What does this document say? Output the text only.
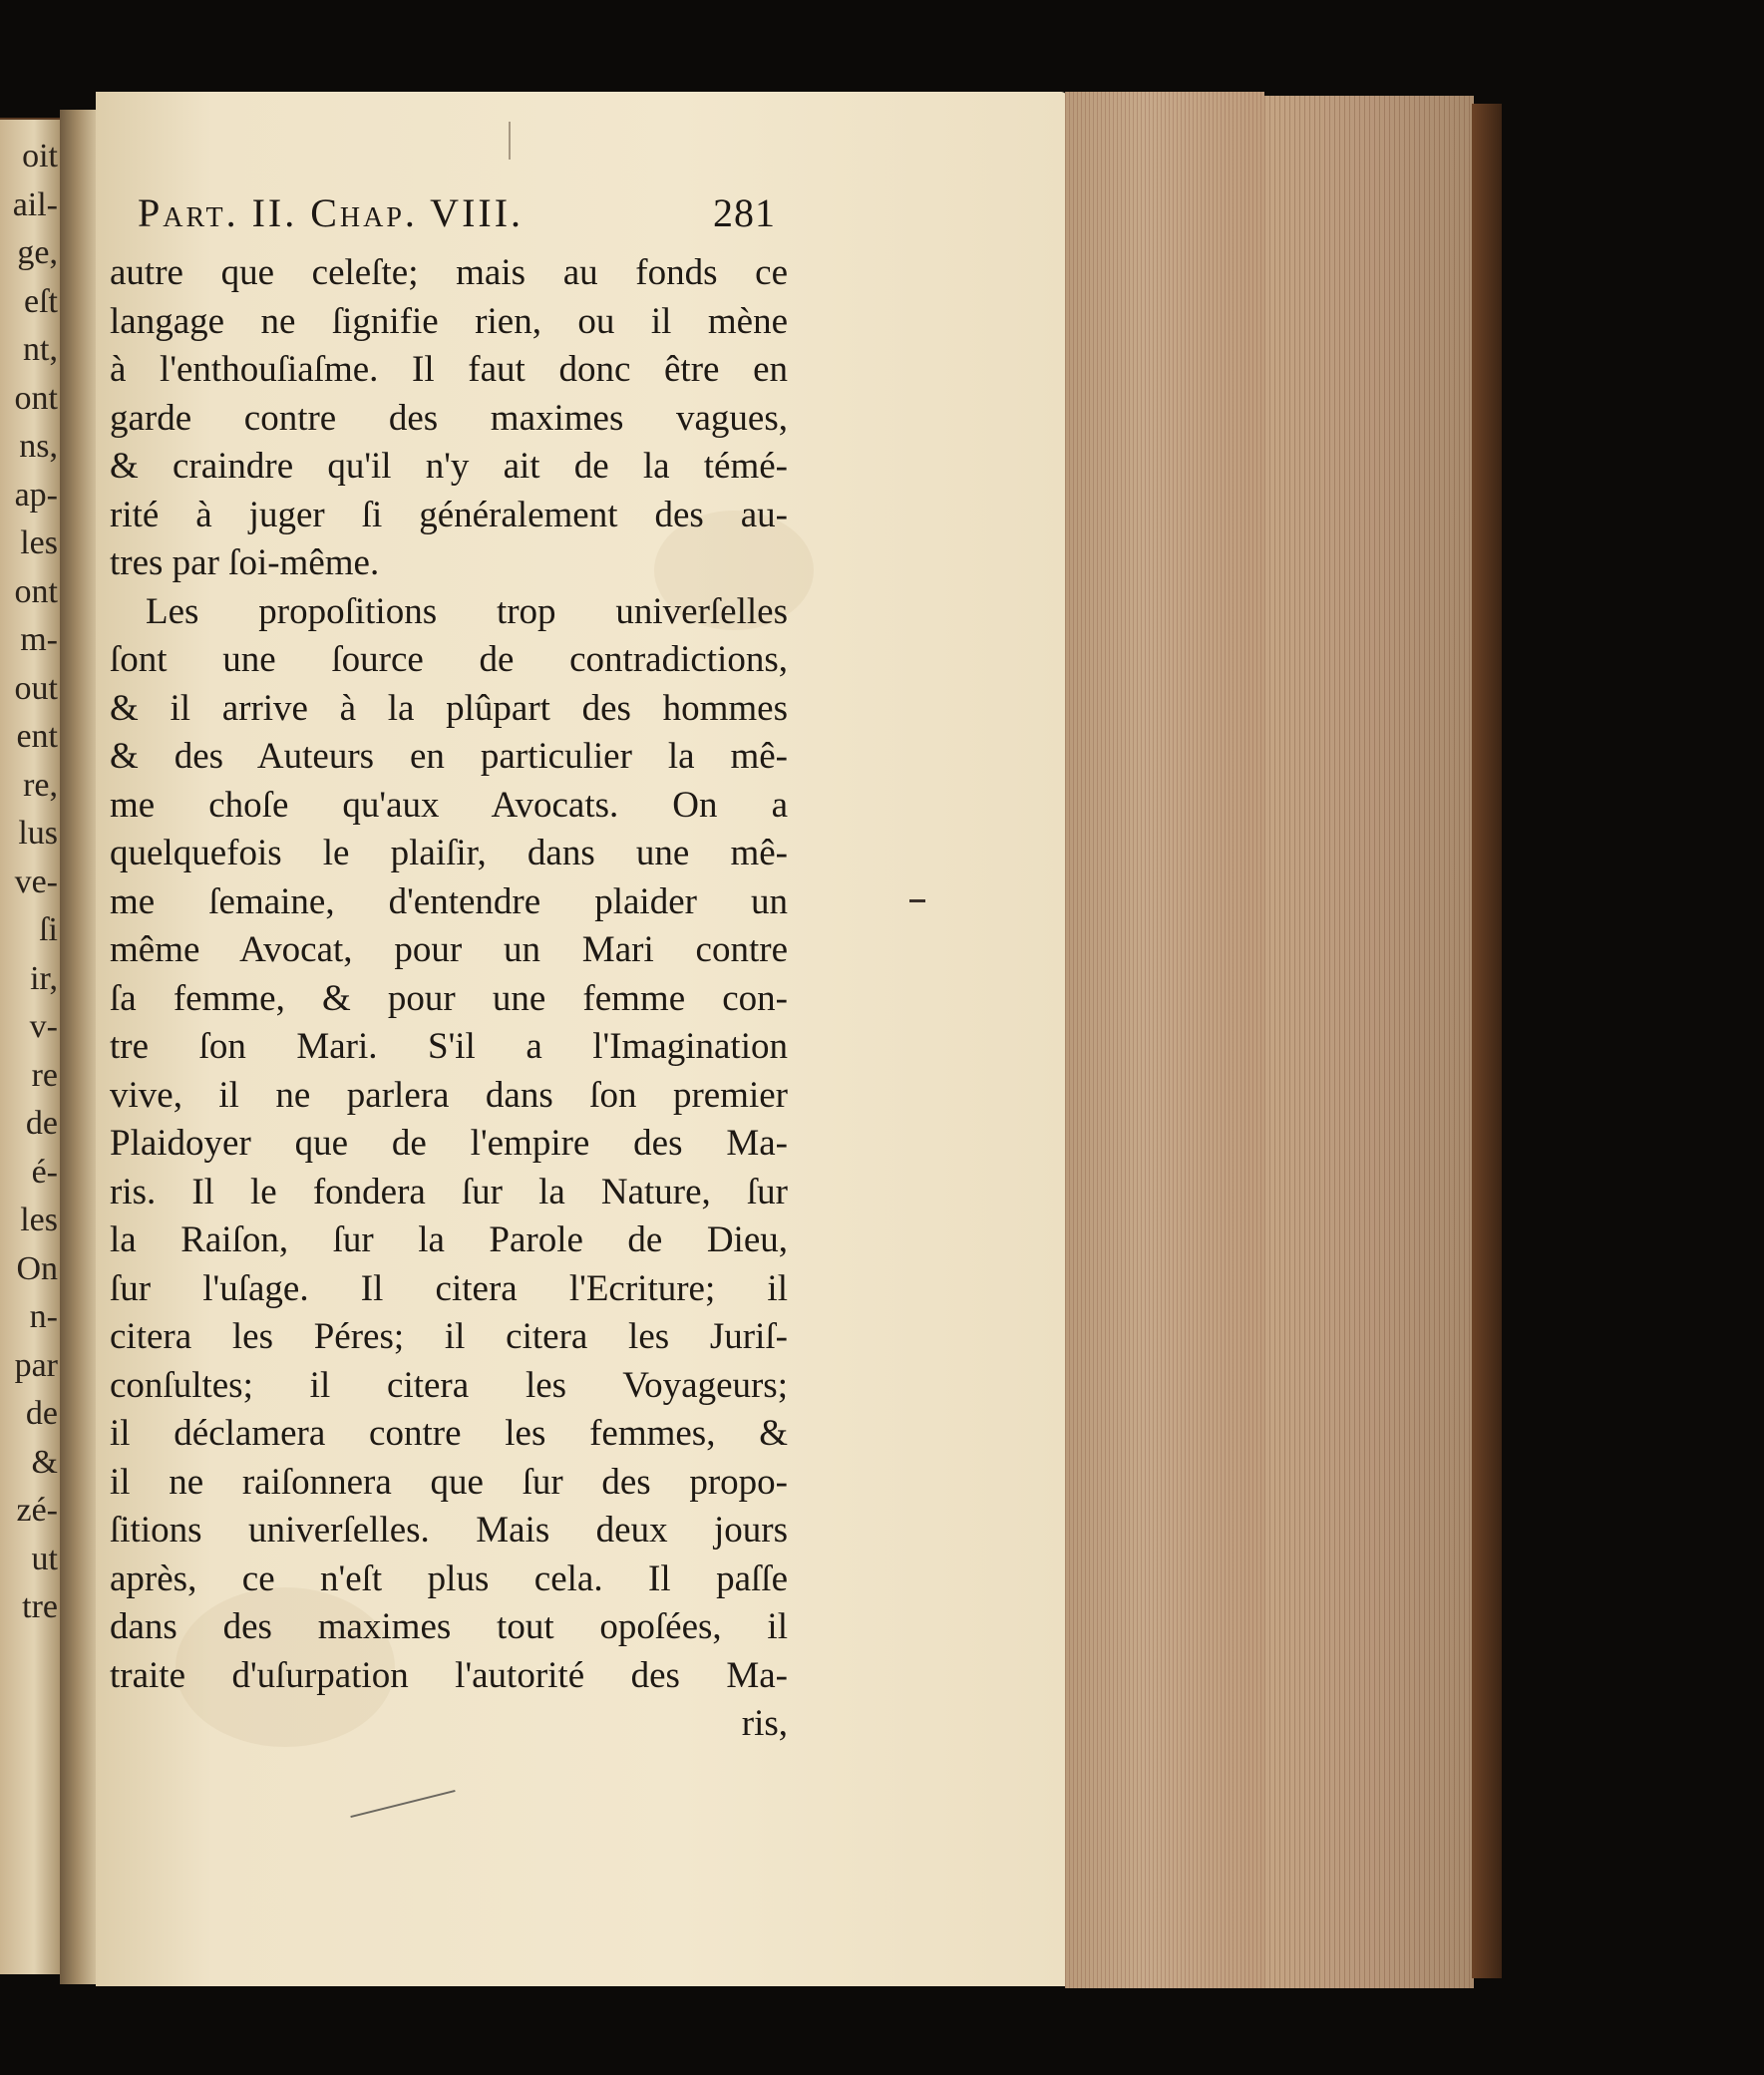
oit
ail-
ge,
eſt
nt,
ont
ns,
ap-
les
ont
m-
out
ent
re,
lus
ve-
ſi
ir,
v-
re
de
é-
les
On
n-
par
de
&
zé-
ut
tre
Part. II. Chap. VIII.	281
autre que celeſte; mais au fonds ce
langage ne ſignifie rien, ou il mène
à l'enthouſiaſme. Il faut donc être en
garde contre des maximes vagues,
& craindre qu'il n'y ait de la témé-
rité à juger ſi généralement des au-
tres par ſoi-même.
Les propoſitions trop univerſelles
ſont une ſource de contradictions,
& il arrive à la plûpart des hommes
& des Auteurs en particulier la mê-
me choſe qu'aux Avocats. On a
quelquefois le plaiſir, dans une mê-
me ſemaine, d'entendre plaider un
même Avocat, pour un Mari contre
ſa femme, & pour une femme con-
tre ſon Mari. S'il a l'Imagination
vive, il ne parlera dans ſon premier
Plaidoyer que de l'empire des Ma-
ris. Il le fondera ſur la Nature, ſur
la Raiſon, ſur la Parole de Dieu,
ſur l'uſage. Il citera l'Ecriture; il
citera les Péres; il citera les Juriſ-
conſultes; il citera les Voyageurs;
il déclamera contre les femmes, &
il ne raiſonnera que ſur des propo-
ſitions univerſelles. Mais deux jours
après, ce n'eſt plus cela. Il paſſe
dans des maximes tout opoſées, il
traite d'uſurpation l'autorité des Ma-
ris,
